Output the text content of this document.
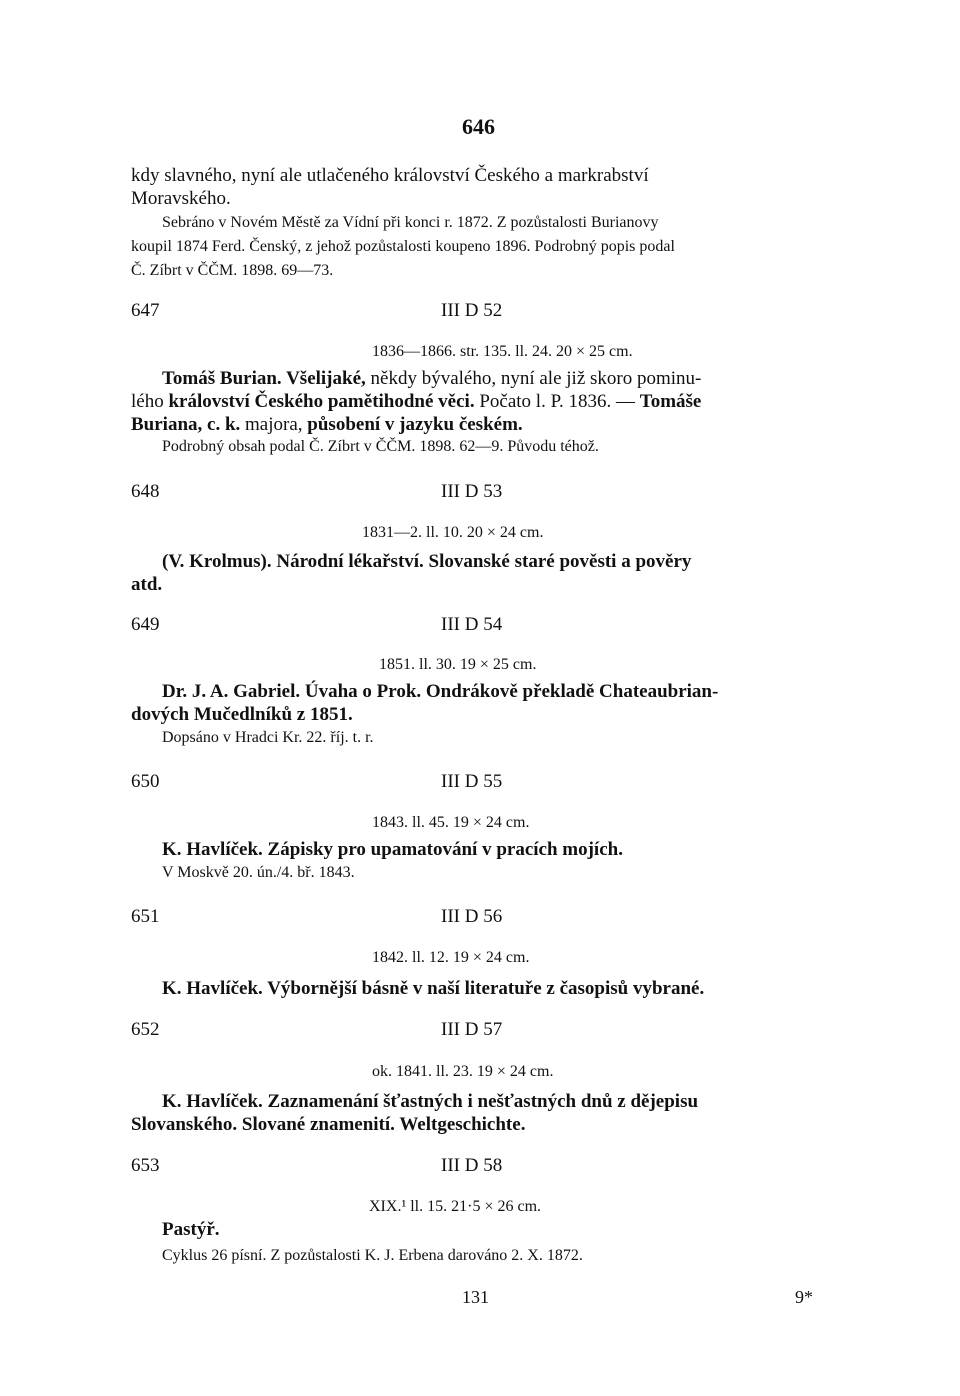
646
kdy slavného, nyní ale utlačeného království Českého a markrabství
Moravského.
Sebráno v Novém Městě za Vídní při konci r. 1872. Z pozůstalosti Burianovy
koupil 1874 Ferd. Čenský, z jehož pozůstalosti koupeno 1896. Podrobný popis podal
Č. Zíbrt v ČČM. 1898. 69—73.
647	III D 52
1836—1866. str. 135. ll. 24. 20 × 25 cm.
Tomáš Burian. Všelijaké, někdy bývalého, nyní ale již skoro pominu-
lého království Českého pamětihodné věci. Počato l. P. 1836. — Tomáše
Buriana, c. k. majora, působení v jazyku českém.
Podrobný obsah podal Č. Zíbrt v ČČM. 1898. 62—9. Původu téhož.
648	III D 53
1831—2. ll. 10. 20 × 24 cm.
(V. Krolmus). Národní lékařství. Slovanské staré pověsti a pověry
atd.
649	III D 54
1851. ll. 30. 19 × 25 cm.
Dr. J. A. Gabriel. Úvaha o Prok. Ondrákově překladě Chateaubrian-
dových Mučedlníků z 1851.
Dopsáno v Hradci Kr. 22. říj. t. r.
650	III D 55
1843. ll. 45. 19 × 24 cm.
K. Havlíček. Zápisky pro upamatování v pracích mojích.
V Moskvě 20. ún./4. bř. 1843.
651	III D 56
1842. ll. 12. 19 × 24 cm.
K. Havlíček. Výbornější básně v naší literatuře z časopisů vybrané.
652	III D 57
ok. 1841. ll. 23. 19 × 24 cm.
K. Havlíček. Zaznamenání šťastných i nešťastných dnů z dějepisu
Slovanského. Slované znamenití. Weltgeschichte.
653	III D 58
XIX.¹ ll. 15. 21·5 × 26 cm.
Pastýř.
Cyklus 26 písní. Z pozůstalosti K. J. Erbena darováno 2. X. 1872.
131	9*
